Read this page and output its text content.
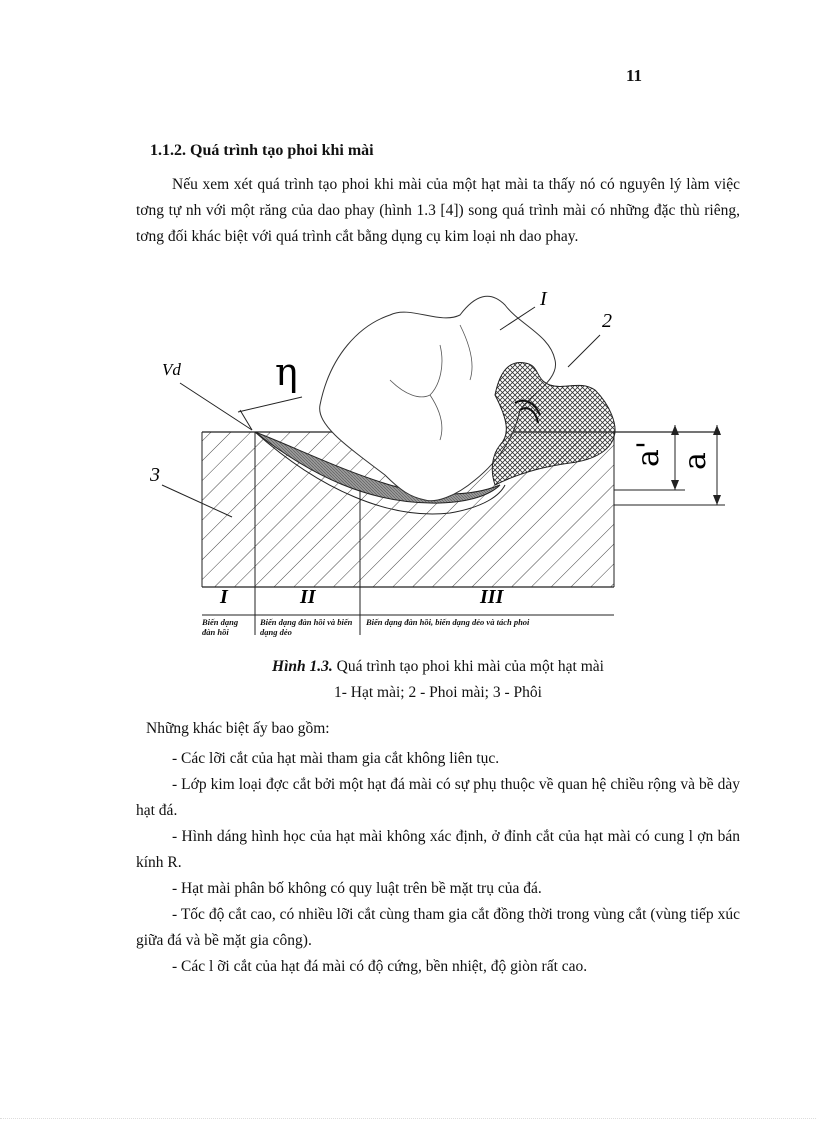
11
1.1.2. Quá trình tạo phoi khi mài
Nếu xem xét quá trình tạo phoi khi mài của một hạt mài ta thấy nó có nguyên lý làm việc tơng tự nh với một răng của dao phay (hình 1.3 [4]) song quá trình mài có những đặc thù riêng, tơng đối khác biệt với quá trình cắt bằng dụng cụ kim loại nh dao phay.
Vd η
I
2
3
a' a
I	II	III
Biến dạng đàn hồi
Biến dạng đàn hồi và biến dạng dẻo
Biến dạng đàn hồi, biến dạng dẻo và tách phoi
Hình 1.3. Quá trình tạo phoi khi mài của một hạt mài
1- Hạt mài; 2 - Phoi mài; 3 - Phôi
Những khác biệt ấy bao gồm:
- Các lỡi cắt của hạt mài tham gia cắt không liên tục.
- Lớp kim loại đợc cắt bởi một hạt đá mài có sự phụ thuộc về quan hệ chiều rộng và bề dày hạt đá.
- Hình dáng hình học của hạt mài không xác định, ở đỉnh cắt của hạt mài có cung l ợn bán kính R.
- Hạt mài phân bố không có quy luật trên bề mặt trụ của đá.
- Tốc độ cắt cao, có nhiều lỡi cắt cùng tham gia cắt đồng thời trong vùng cắt (vùng tiếp xúc giữa đá và bề mặt gia công).
- Các l ỡi cắt của hạt đá mài có độ cứng, bền nhiệt, độ giòn rất cao.
